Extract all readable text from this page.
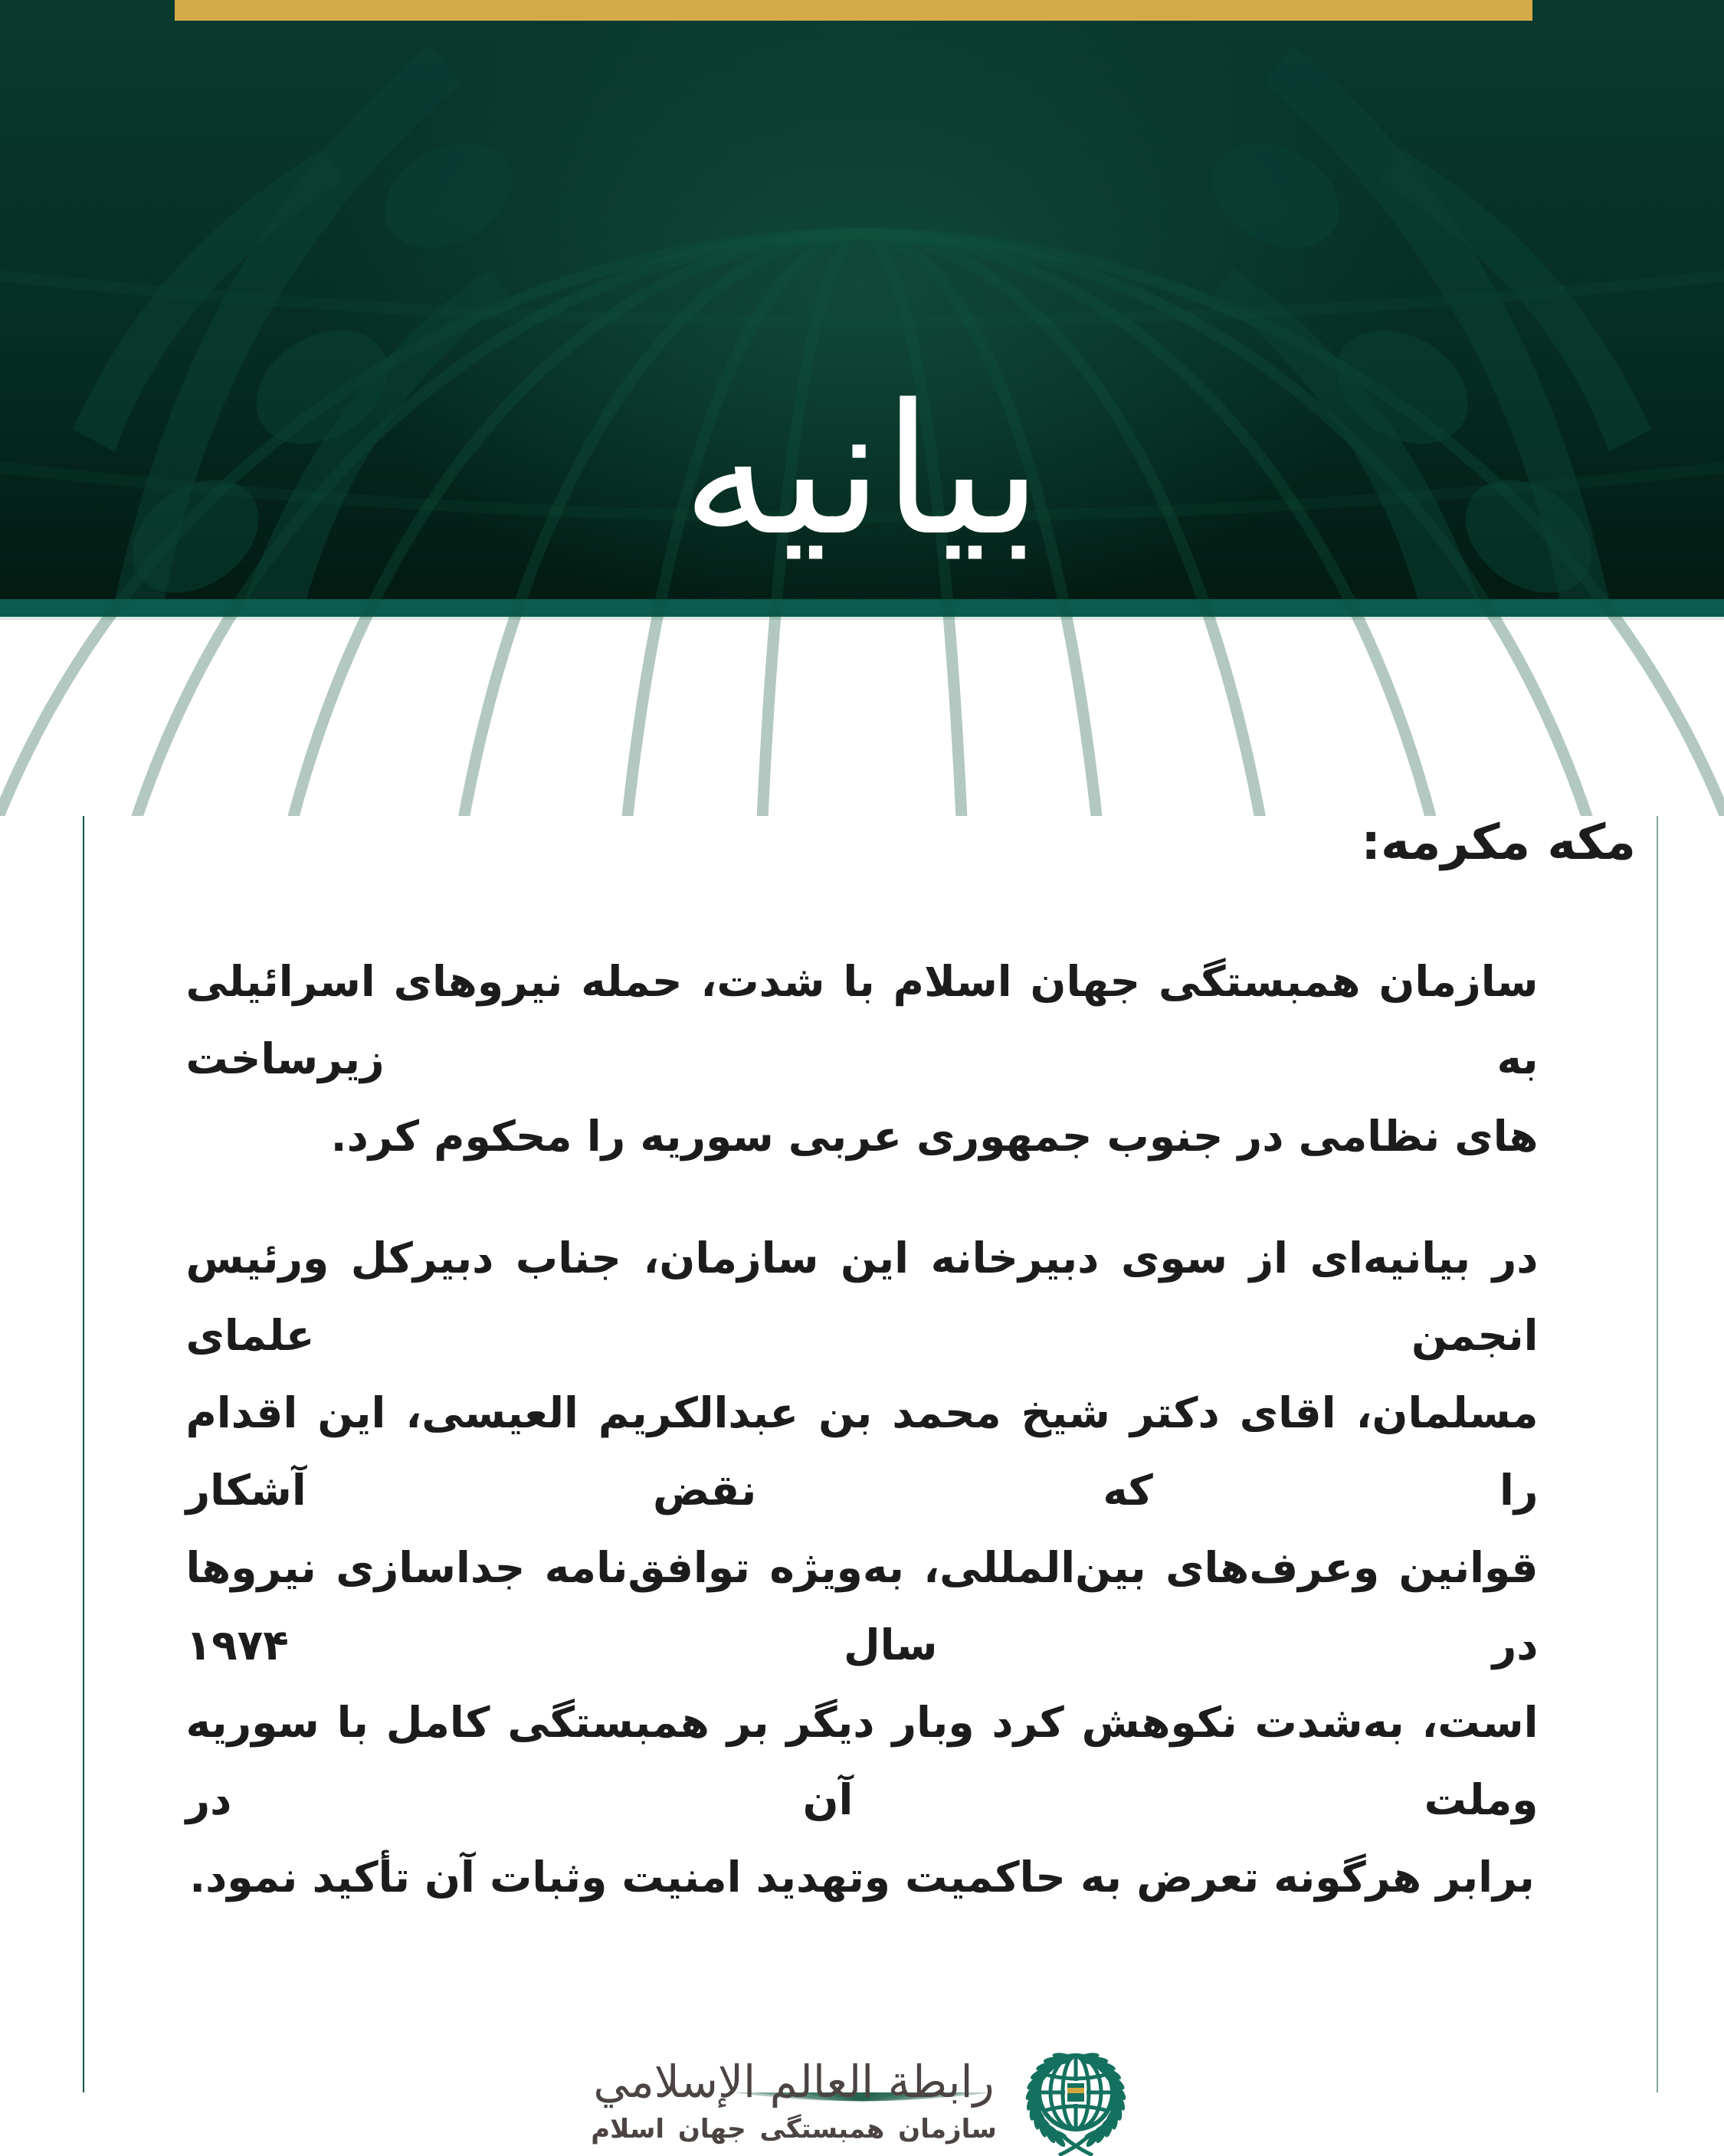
بیانیه
مکه مکرمه:
سازمان همبستگی جهان اسلام با شدت، حمله نیروهای اسرائیلی به زیرساخت
های نظامی در جنوب جمهوری عربی سوریه را محکوم کرد.
در بیانیه‌ای از سوی دبیرخانه این سازمان، جناب دبیرکل ورئیس انجمن علمای
مسلمان، اقای دکتر شیخ محمد بن عبدالکریم العیسی، این اقدام را که نقض آشکار
قوانین وعرف‌های بین‌المللی، به‌ویژه توافق‌نامه جداسازی نیروها در سال ۱۹۷۴
است، به‌شدت نکوهش کرد وبار دیگر بر همبستگی کامل با سوریه وملت آن در
برابر هرگونه تعرض به حاکمیت وتهدید امنیت وثبات آن تأکید نمود.
رابطة العالم الإسلامي
سازمان همبستگی جهان اسلام
